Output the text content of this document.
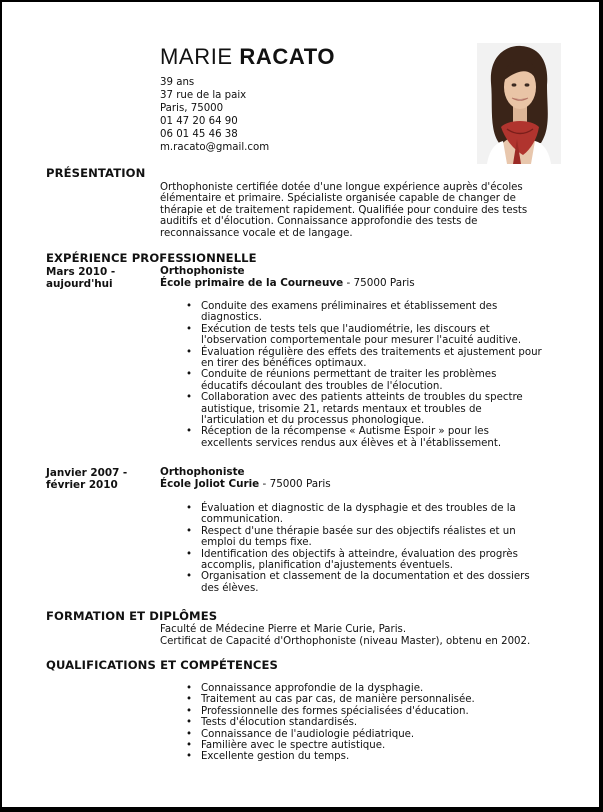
MARIE RACATO
39 ans
37 rue de la paix
Paris, 75000
01 47 20 64 90
06 01 45 46 38
m.racato@gmail.com
PRÉSENTATION
Orthophoniste certifiée dotée d'une longue expérience auprès d'écoles élémentaire et primaire. Spécialiste organisée capable de changer de thérapie et de traitement rapidement. Qualifiée pour conduire des tests auditifs et d'élocution. Connaissance approfondie des tests de reconnaissance vocale et de langage.
EXPÉRIENCE PROFESSIONNELLE
Mars 2010 - aujourd'hui
Orthophoniste
École primaire de la Courneuve - 75000 Paris
• Conduite des examens préliminaires et établissement des diagnostics.
• Exécution de tests tels que l'audiométrie, les discours et l'observation comportementale pour mesurer l'acuité auditive.
• Évaluation régulière des effets des traitements et ajustement pour en tirer des bénéfices optimaux.
• Conduite de réunions permettant de traiter les problèmes éducatifs découlant des troubles de l'élocution.
• Collaboration avec des patients atteints de troubles du spectre autistique, trisomie 21, retards mentaux et troubles de l'articulation et du processus phonologique.
• Réception de la récompense « Autisme Espoir » pour les excellents services rendus aux élèves et à l'établissement.
Janvier 2007 - février 2010
Orthophoniste
École Joliot Curie - 75000 Paris
• Évaluation et diagnostic de la dysphagie et des troubles de la communication.
• Respect d'une thérapie basée sur des objectifs réalistes et un emploi du temps fixe.
• Identification des objectifs à atteindre, évaluation des progrès accomplis, planification d'ajustements éventuels.
• Organisation et classement de la documentation et des dossiers des élèves.
FORMATION ET DIPLÔMES
Faculté de Médecine Pierre et Marie Curie, Paris.
Certificat de Capacité d'Orthophoniste (niveau Master), obtenu en 2002.
QUALIFICATIONS ET COMPÉTENCES
• Connaissance approfondie de la dysphagie.
• Traitement au cas par cas, de manière personnalisée.
• Professionnelle des formes spécialisées d'éducation.
• Tests d'élocution standardisés.
• Connaissance de l'audiologie pédiatrique.
• Familière avec le spectre autistique.
• Excellente gestion du temps.
